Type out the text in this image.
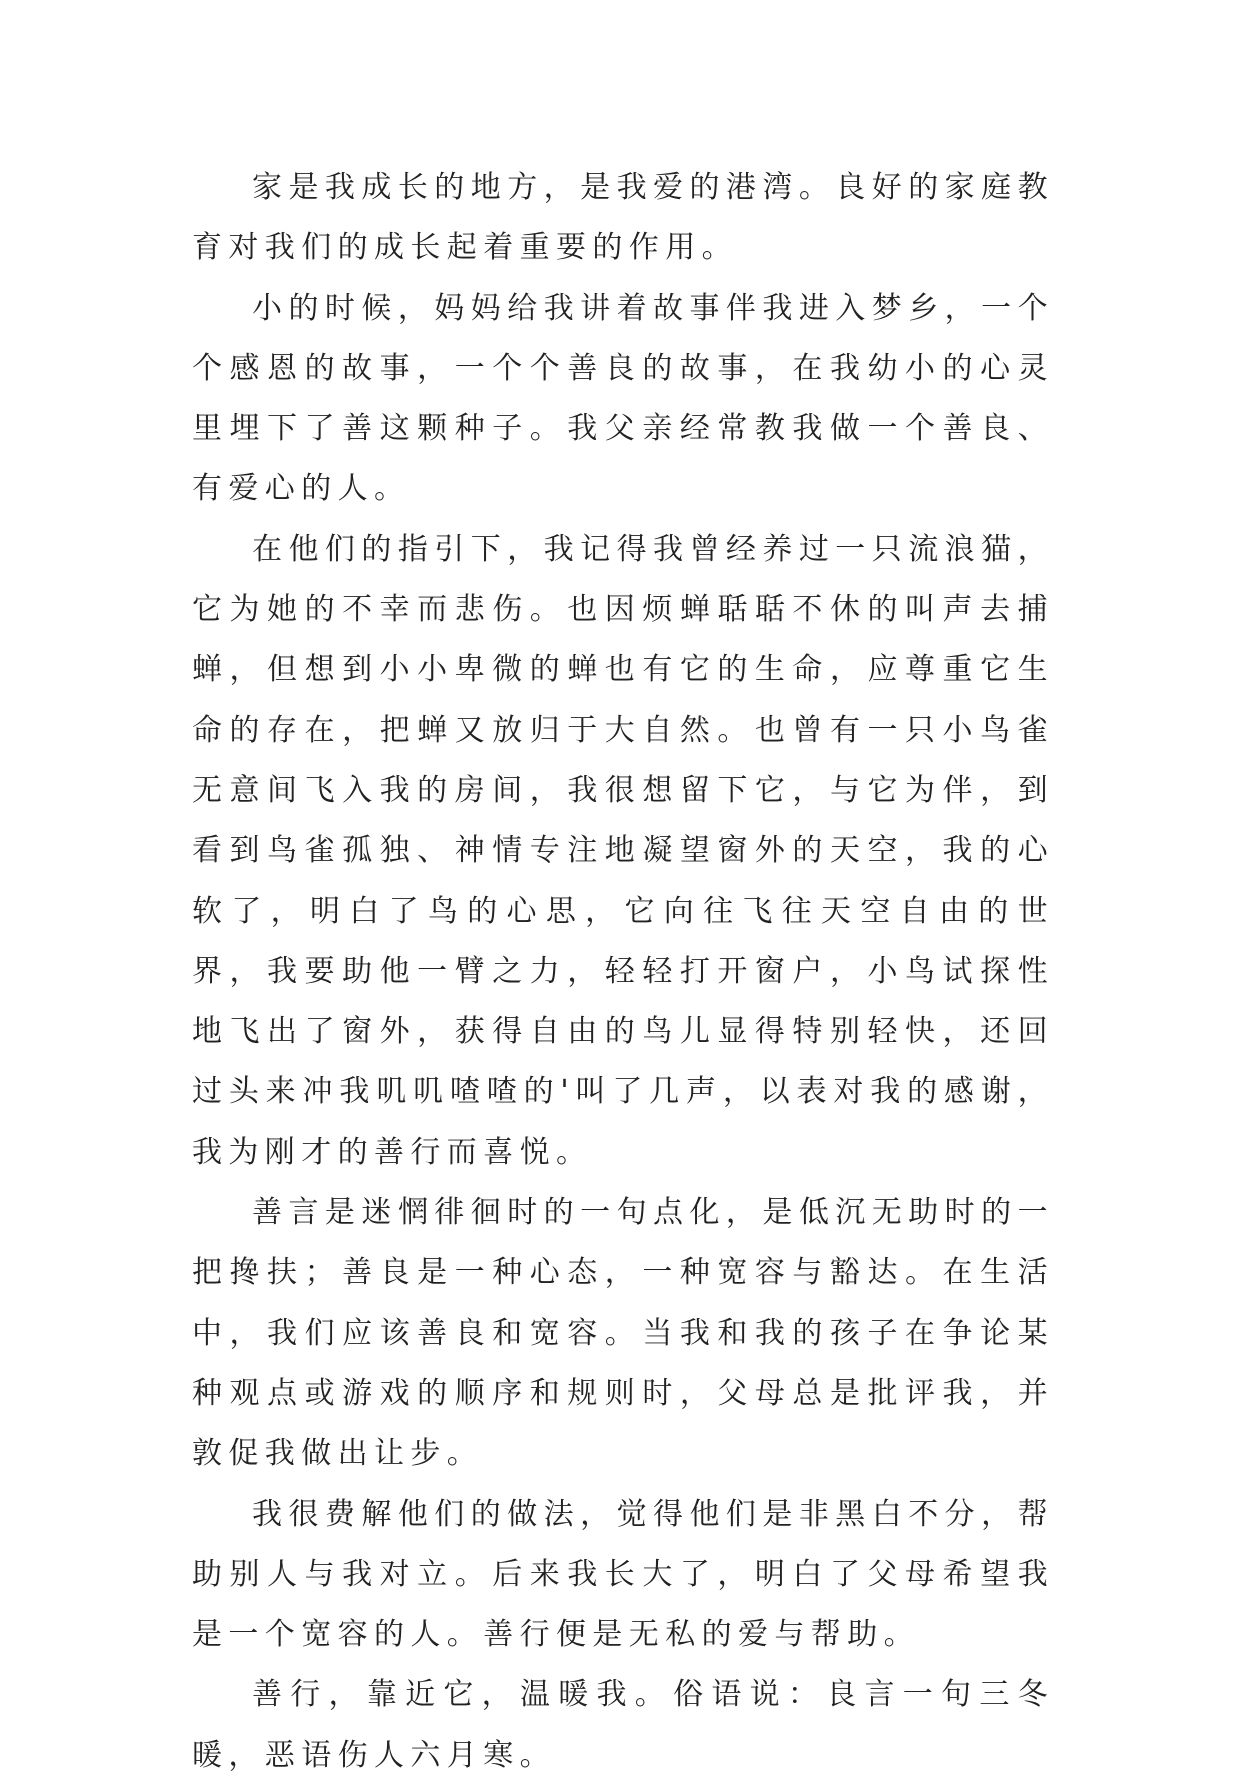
家是我成长的地方，是我爱的港湾。良好的家庭教育对我们的成长起着重要的作用。

小的时候，妈妈给我讲着故事伴我进入梦乡，一个个感恩的故事，一个个善良的故事，在我幼小的心灵里埋下了善这颗种子。我父亲经常教我做一个善良、有爱心的人。

在他们的指引下，我记得我曾经养过一只流浪猫，它为她的不幸而悲伤。也因烦蝉聒聒不休的叫声去捕蝉，但想到小小卑微的蝉也有它的生命，应尊重它生命的存在，把蝉又放归于大自然。也曾有一只小鸟雀无意间飞入我的房间，我很想留下它，与它为伴，到看到鸟雀孤独、神情专注地凝望窗外的天空，我的心软了，明白了鸟的心思，它向往飞往天空自由的世界，我要助他一臂之力，轻轻打开窗户，小鸟试探性地飞出了窗外，获得自由的鸟儿显得特别轻快，还回过头来冲我叽叽喳喳的'叫了几声，以表对我的感谢，我为刚才的善行而喜悦。

善言是迷惘徘徊时的一句点化，是低沉无助时的一把搀扶；善良是一种心态，一种宽容与豁达。在生活中，我们应该善良和宽容。当我和我的孩子在争论某种观点或游戏的顺序和规则时，父母总是批评我，并敦促我做出让步。

我很费解他们的做法，觉得他们是非黑白不分，帮助别人与我对立。后来我长大了，明白了父母希望我是一个宽容的人。善行便是无私的爱与帮助。

善行，靠近它，温暖我。俗语说：良言一句三冬暖，恶语伤人六月寒。
